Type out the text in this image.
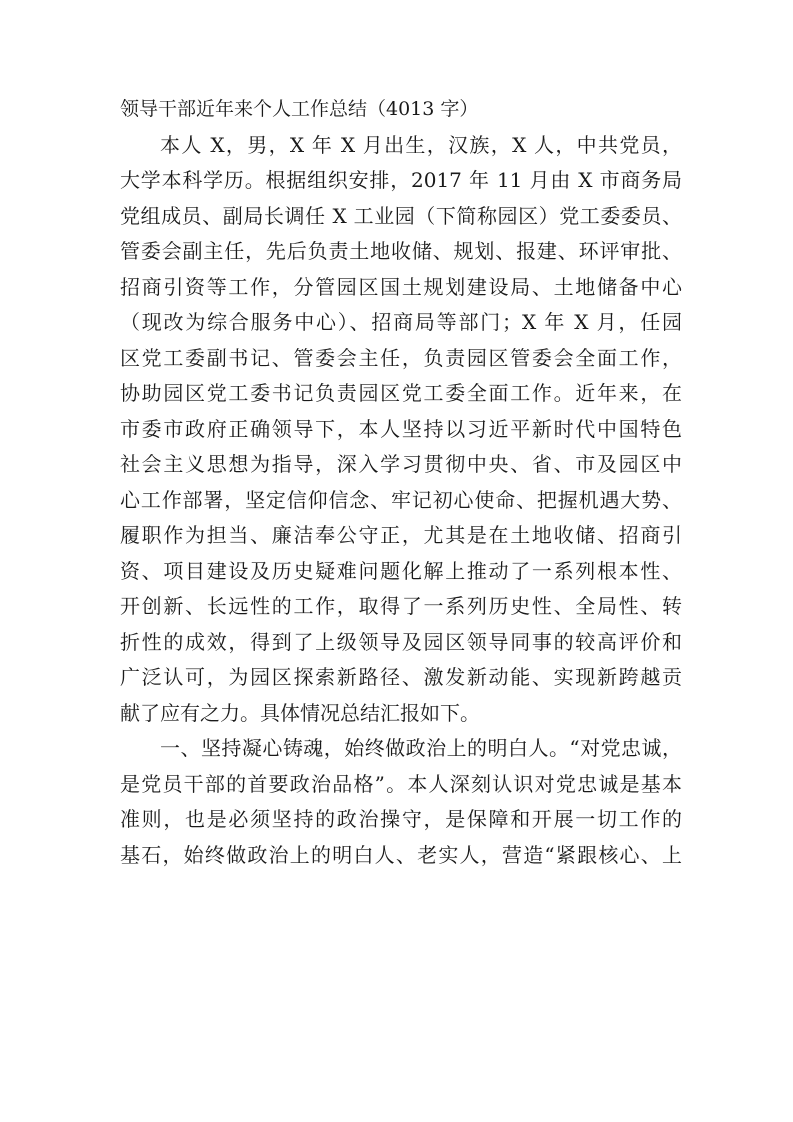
领导干部近年来个人工作总结（4013 字）
本人 X，男，X 年 X 月出生，汉族，X 人，中共党员，
大学本科学历。根据组织安排，2017 年 11 月由 X 市商务局
党组成员、副局长调任 X 工业园（下简称园区）党工委委员、
管委会副主任，先后负责土地收储、规划、报建、环评审批、
招商引资等工作，分管园区国土规划建设局、土地储备中心
（现改为综合服务中心）、招商局等部门；X 年 X 月，任园
区党工委副书记、管委会主任，负责园区管委会全面工作，
协助园区党工委书记负责园区党工委全面工作。近年来，在
市委市政府正确领导下，本人坚持以习近平新时代中国特色
社会主义思想为指导，深入学习贯彻中央、省、市及园区中
心工作部署，坚定信仰信念、牢记初心使命、把握机遇大势、
履职作为担当、廉洁奉公守正，尤其是在土地收储、招商引
资、项目建设及历史疑难问题化解上推动了一系列根本性、
开创新、长远性的工作，取得了一系列历史性、全局性、转
折性的成效，得到了上级领导及园区领导同事的较高评价和
广泛认可，为园区探索新路径、激发新动能、实现新跨越贡
献了应有之力。具体情况总结汇报如下。
一、坚持凝心铸魂，始终做政治上的明白人。“对党忠诚，
是党员干部的首要政治品格”。本人深刻认识对党忠诚是基本
准则，也是必须坚持的政治操守，是保障和开展一切工作的
基石，始终做政治上的明白人、老实人，营造“紧跟核心、上
